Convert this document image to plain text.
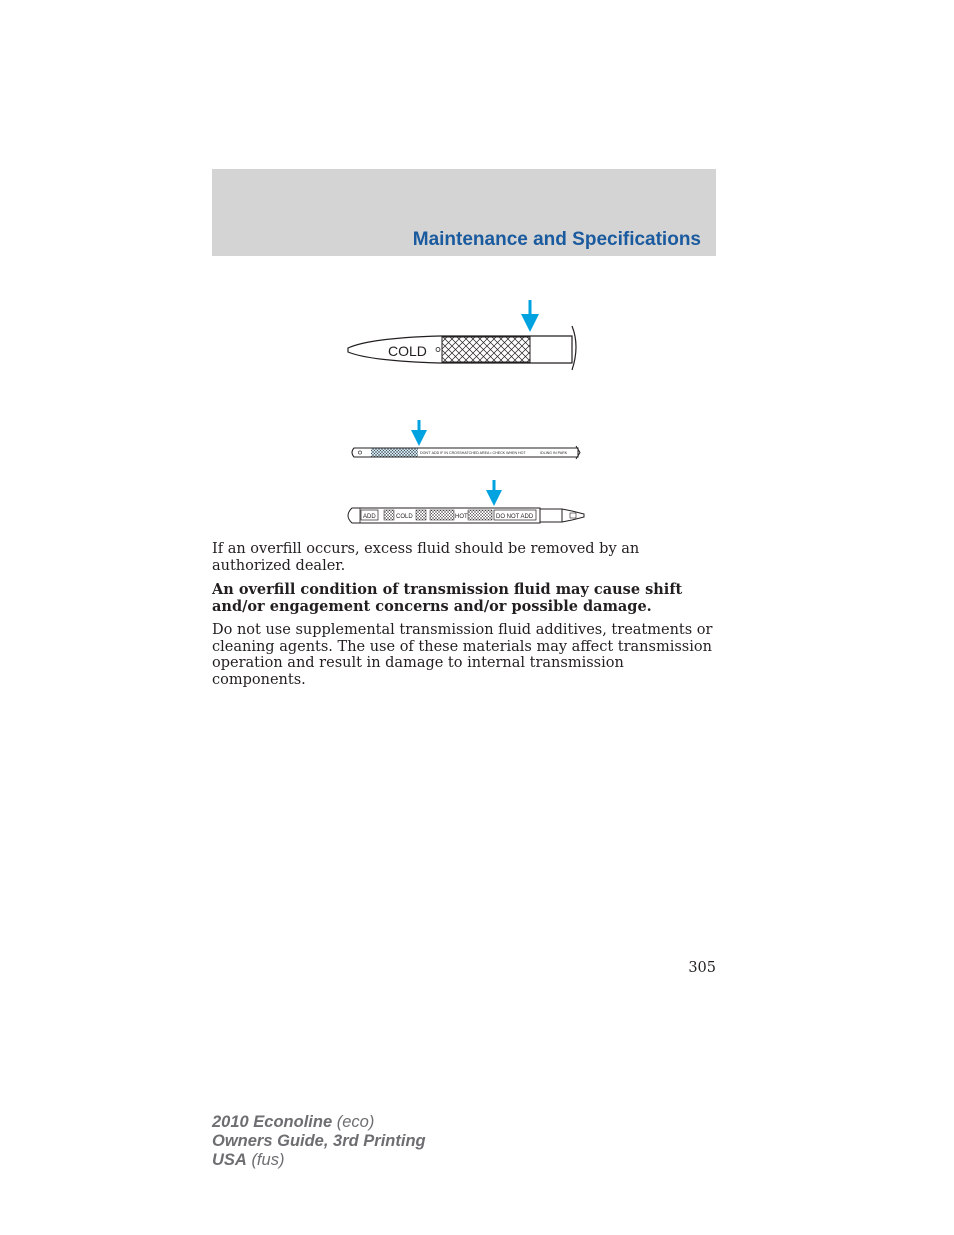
Maintenance and Specifications
COLD
DON'T ADD IF IN CROSSHATCHED AREA • CHECK WHEN HOT	IDLING IN PARK
ADD	COLD	HOT	DO NOT ADD

If an overfill occurs, excess fluid should be removed by an authorized dealer.

An overfill condition of transmission fluid may cause shift and/or engagement concerns and/or possible damage.

Do not use supplemental transmission fluid additives, treatments or cleaning agents. The use of these materials may affect transmission operation and result in damage to internal transmission components.

305
2010 Econoline (eco)
Owners Guide, 3rd Printing
USA (fus)
